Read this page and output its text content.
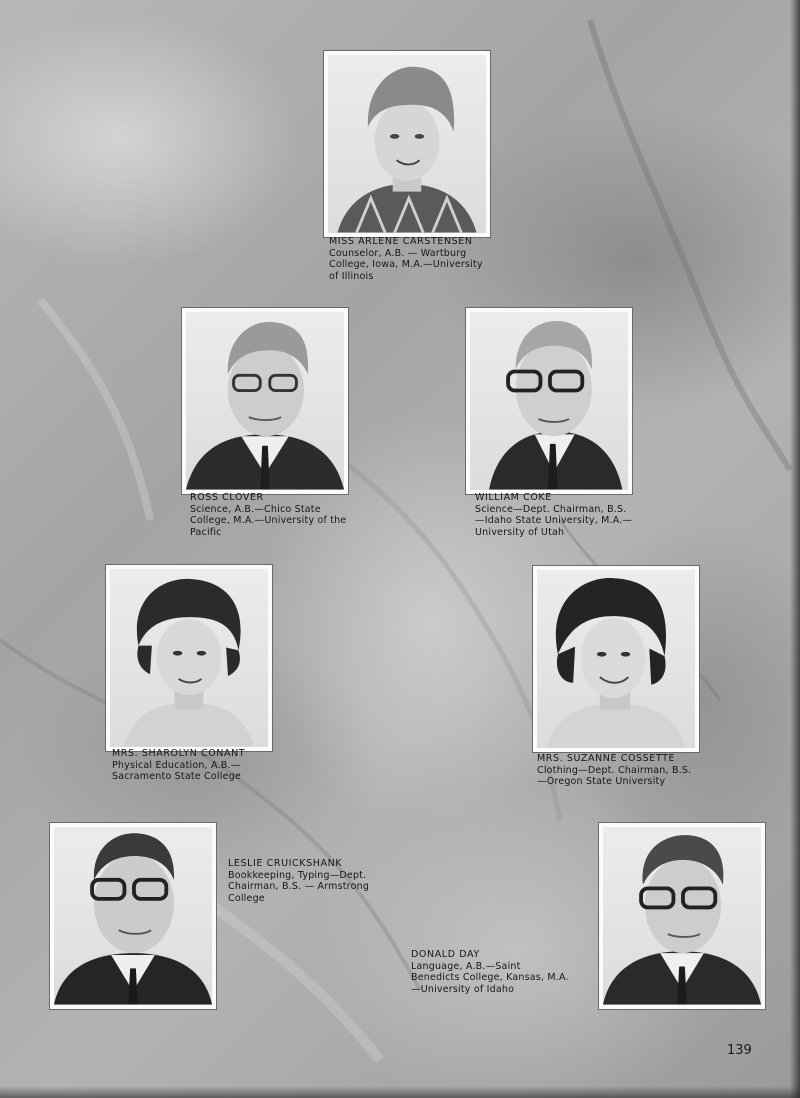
MISS ARLENE CARSTENSEN
Counselor, A.B. — Wartburg College, Iowa, M.A.—University of Illinois
ROSS CLOVER
Science, A.B.—Chico State College, M.A.—University of the Pacific
WILLIAM COKE
Science—Dept. Chairman, B.S.—Idaho State University, M.A.—University of Utah
MRS. SHAROLYN CONANT
Physical Education, A.B.—Sacramento State College
MRS. SUZANNE COSSETTE
Clothing—Dept. Chairman, B.S.—Oregon State University
LESLIE CRUICKSHANK
Bookkeeping, Typing—Dept. Chairman, B.S. — Armstrong College
DONALD DAY
Language, A.B.—Saint Benedicts College, Kansas, M.A.—University of Idaho
139
